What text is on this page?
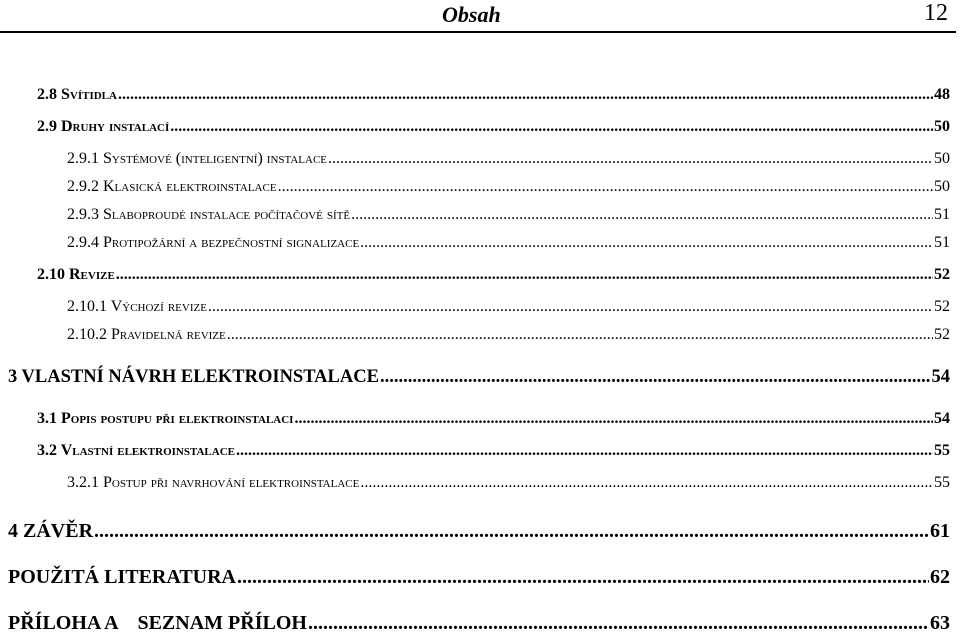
Obsah	12
2.8 Svítidla .....	48
2.9 Druhy instalací .....	50
2.9.1 Systémové (inteligentní) instalace .....	50
2.9.2 Klasická elektroinstalace .....	50
2.9.3 Slaboproudé instalace počítačové sítě .....	51
2.9.4 Protipožární a bezpečnostní signalizace .....	51
2.10 Revize .....	52
2.10.1 Výchozí revize .....	52
2.10.2 Pravidelná revize .....	52
3 VLASTNÍ NÁVRH ELEKTROINSTALACE .....	54
3.1 Popis postupu při elektroinstalaci .....	54
3.2 Vlastní elektroinstalace .....	55
3.2.1 Postup při navrhování elektroinstalace .....	55
4 ZÁVĚR .....	61
POUŽITÁ LITERATURA .....	62
PŘÍLOHA A    SEZNAM PŘÍLOH .....	63
